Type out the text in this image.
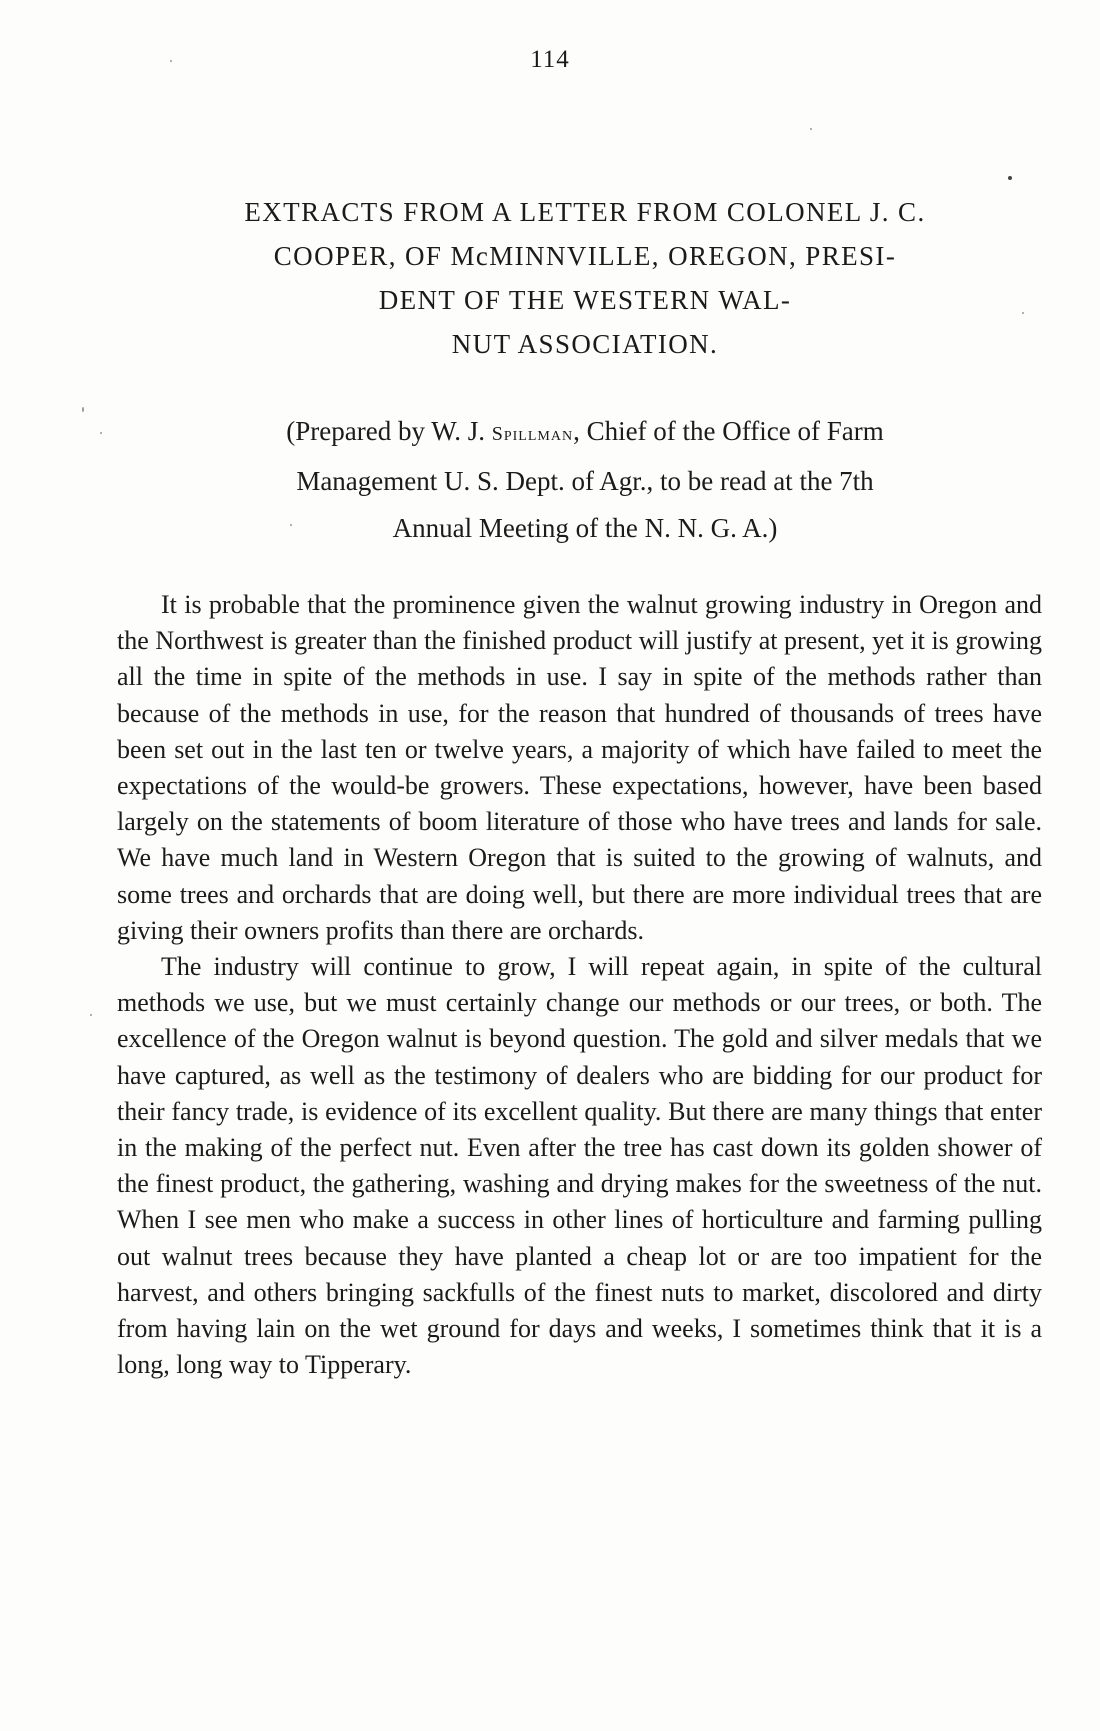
114
EXTRACTS FROM A LETTER FROM COLONEL J. C.
COOPER, OF McMINNVILLE, OREGON, PRESI-
DENT OF THE WESTERN WAL-
NUT ASSOCIATION.
(Prepared by W. J. Spillman, Chief of the Office of Farm
Management U. S. Dept. of Agr., to be read at the 7th
Annual Meeting of the N. N. G. A.)

It is probable that the prominence given the walnut growing industry in Oregon and the Northwest is greater than the finished product will justify at present, yet it is growing all the time in spite of the methods in use. I say in spite of the methods rather than because of the methods in use, for the reason that hundred of thousands of trees have been set out in the last ten or twelve years, a majority of which have failed to meet the expectations of the would-be growers. These expectations, however, have been based largely on the statements of boom literature of those who have trees and lands for sale. We have much land in Western Oregon that is suited to the growing of walnuts, and some trees and orchards that are doing well, but there are more individual trees that are giving their owners profits than there are orchards.

The industry will continue to grow, I will repeat again, in spite of the cultural methods we use, but we must certainly change our methods or our trees, or both. The excellence of the Oregon walnut is beyond question. The gold and silver medals that we have captured, as well as the testimony of dealers who are bidding for our product for their fancy trade, is evidence of its excellent quality. But there are many things that enter in the making of the perfect nut. Even after the tree has cast down its golden shower of the finest product, the gathering, washing and drying makes for the sweetness of the nut. When I see men who make a success in other lines of horticulture and farming pulling out walnut trees because they have planted a cheap lot or are too impatient for the harvest, and others bringing sackfulls of the finest nuts to market, discolored and dirty from having lain on the wet ground for days and weeks, I sometimes think that it is a long, long way to Tipperary.
